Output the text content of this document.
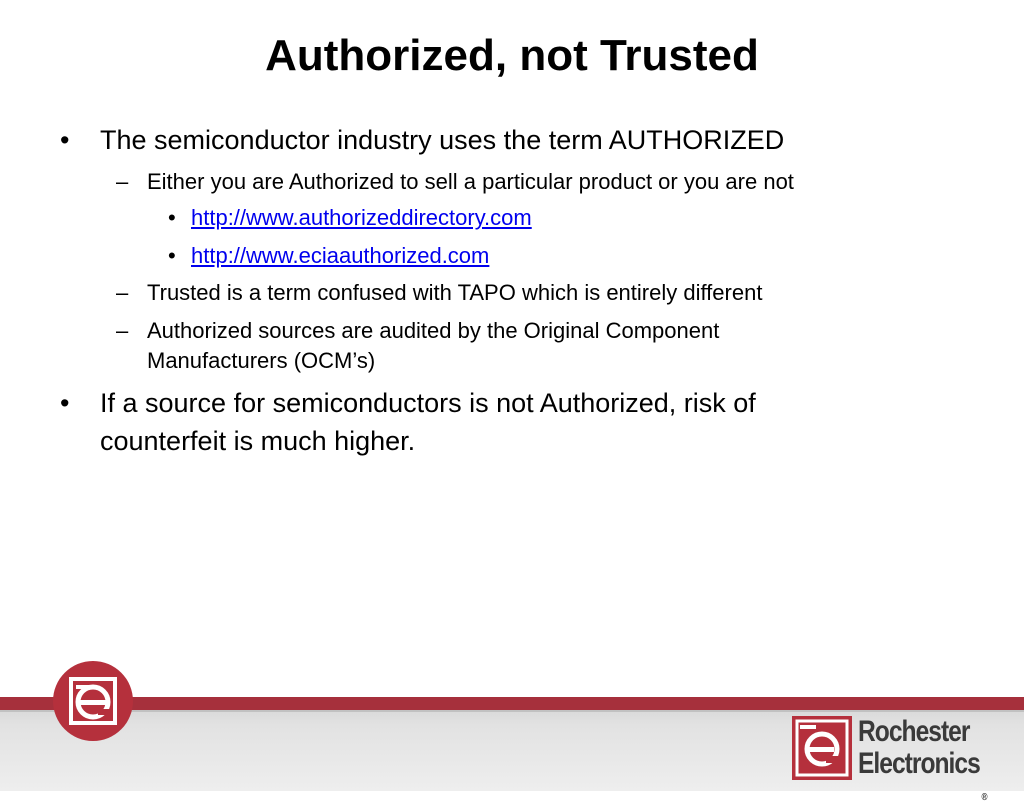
Authorized, not Trusted
• The semiconductor industry uses the term AUTHORIZED
– Either you are Authorized to sell a particular product or you are not
• http://www.authorizeddirectory.com
• http://www.eciaauthorized.com
– Trusted is a term confused with TAPO which is entirely different
– Authorized sources are audited by the Original Component
Manufacturers (OCM’s)
• If a source for semiconductors is not Authorized, risk of
counterfeit is much higher.
Rochester
Electronics®
